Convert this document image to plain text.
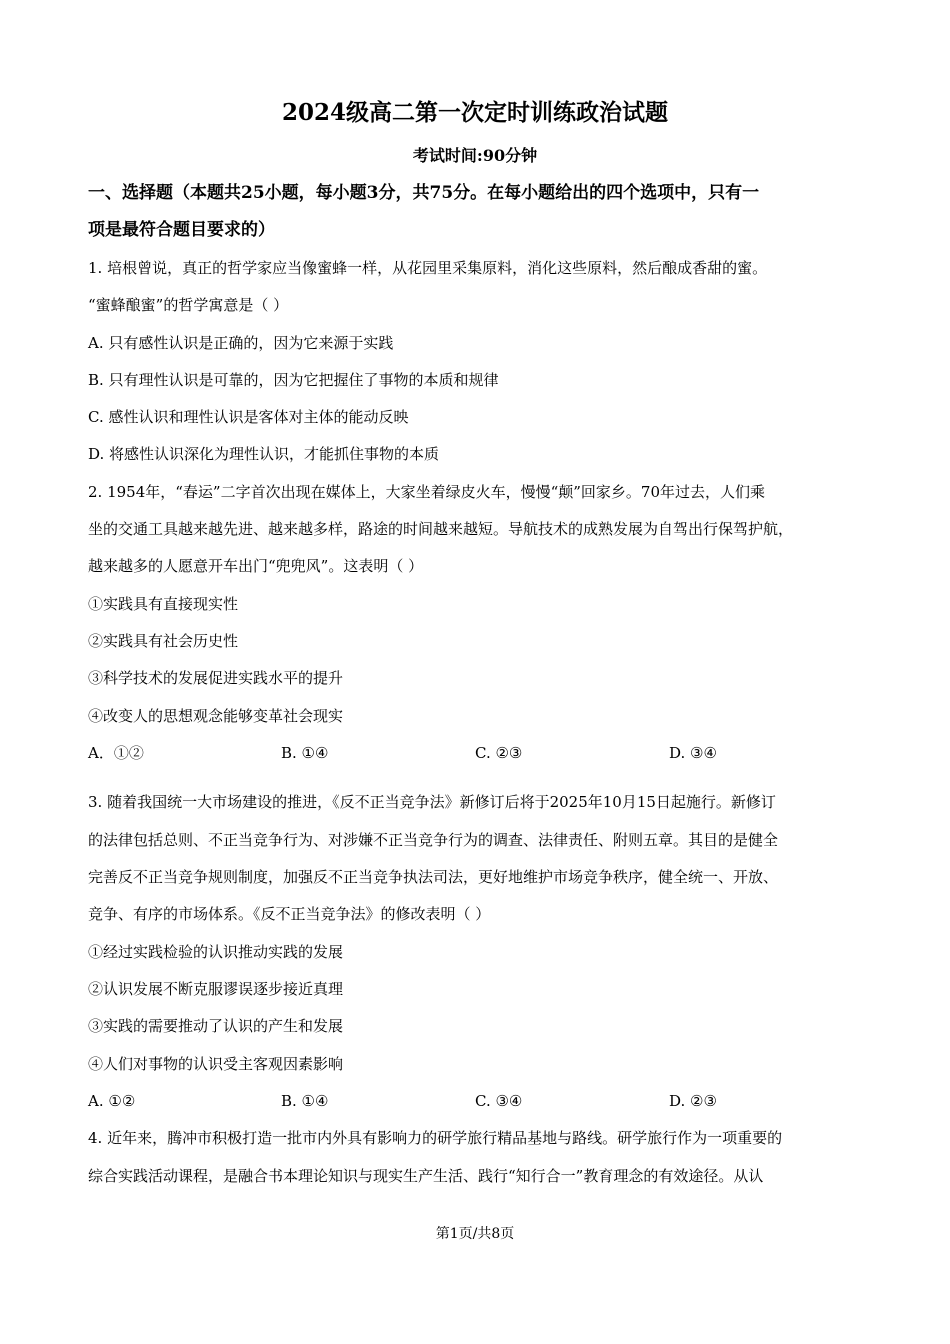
2024级高二第一次定时训练政治试题
考试时间:90分钟
一、选择题（本题共25小题，每小题3分，共75分。在每小题给出的四个选项中，只有一
项是最符合题目要求的）
1. 培根曾说，真正的哲学家应当像蜜蜂一样，从花园里采集原料，消化这些原料，然后酿成香甜的蜜。
“蜜蜂酿蜜”的哲学寓意是（ ）
A. 只有感性认识是正确的，因为它来源于实践
B. 只有理性认识是可靠的，因为它把握住了事物的本质和规律
C. 感性认识和理性认识是客体对主体的能动反映
D. 将感性认识深化为理性认识，才能抓住事物的本质
2. 1954年，“春运”二字首次出现在媒体上，大家坐着绿皮火车，慢慢“颠”回家乡。70年过去，人们乘
坐的交通工具越来越先进、越来越多样，路途的时间越来越短。导航技术的成熟发展为自驾出行保驾护航，
越来越多的人愿意开车出门“兜兜风”。这表明（ ）
①实践具有直接现实性
②实践具有社会历史性
③科学技术的发展促进实践水平的提升
④改变人的思想观念能够变革社会现实
A．①②	B. ①④	C. ②③	D. ③④
3. 随着我国统一大市场建设的推进，《反不正当竞争法》新修订后将于2025年10月15日起施行。新修订
的法律包括总则、不正当竞争行为、对涉嫌不正当竞争行为的调查、法律责任、附则五章。其目的是健全
完善反不正当竞争规则制度，加强反不正当竞争执法司法，更好地维护市场竞争秩序，健全统一、开放、
竞争、有序的市场体系。《反不正当竞争法》的修改表明（ ）
①经过实践检验的认识推动实践的发展
②认识发展不断克服谬误逐步接近真理
③实践的需要推动了认识的产生和发展
④人们对事物的认识受主客观因素影响
A. ①②	B. ①④	C. ③④	D. ②③
4. 近年来，腾冲市积极打造一批市内外具有影响力的研学旅行精品基地与路线。研学旅行作为一项重要的
综合实践活动课程，是融合书本理论知识与现实生产生活、践行“知行合一”教育理念的有效途径。从认
第1页/共8页
